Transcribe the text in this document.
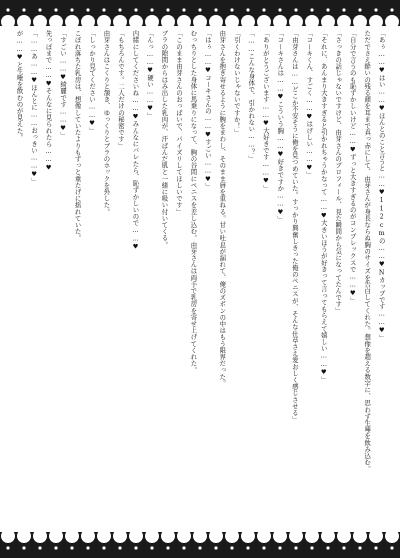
「あぅ……♥はい……♥ほんとのこと言うと……♥112cmの……♥Nカップです……♥」

ただでさえ酔いの残る顔を耳まで真っ赤にして、由芽さんが身長ならぬ胸のサイズを告白してくれた。想像を超える数字に、思わず生唾を飲み込む。

「自分で言うのも恥ずかしいけど……♥ずっと大きすぎるのがコンプレックスで……♥」

「さっきの話じゃないですけど、由芽さんのプロフィール、見た瞬間から気になってたんです」

「それに、あんまり大きすぎると引かれちゃうかなって……♥大きいほうが好きって言ってもらえて嬉しい……♥」

「コーキくん、すごく……♥はげしい……♥」

「由芽さんは……どこか不安そうに俺を見つめていた。すっかり興奮しきった俺のペニスが、そんな仕草さえ愛おしく感じさせる」

「コーキさんは……♥こういう胸……♥好きですか……♥」

「ありがとうございます……♥大好きです……♥」

「……こんな身体で、引かれない……？」

「引くわけないじゃないですか！」

由芽さんを抱き寄せるように腕をまわし、そのまま唇を重ねる。甘い吐息が漏れて、俺のズボンの中はもう限界だった。

「はぅ……♥コーキさんの……♥すごい……♥」

むっちりとした身体に馬乗りになって、胸の谷間にペニスを差し込む。由芽さんは両手で乳房を寄せ上げてくれた。

「このまま由芽さんのおっぱいで、パイズリしてほしいです」

ブラの隙間からはみ出した乳肉が、汗ばんだ肌と一緒に吸い付いてくる。

「んっ……♥硬い……♥」

内緒にしてくださいね……♥みんなにバレたら、恥ずかしいので……♥

「もちろんです。二人だけの秘密です」

由芽さんはこくりと頷き、ゆっくりとブラのホックを外した。

「しっかり見てください……♥」

こぼれ落ちた乳房は、想像していたよりもずっと重たげに揺れていた。

「すごい……♥綺麗です……♥」

先っぽまで……♥そんなに見られたら……♥

「……あ……♥ほんとに……おっきい……♥」

が……♥と生唾を飲むのが見えた。
